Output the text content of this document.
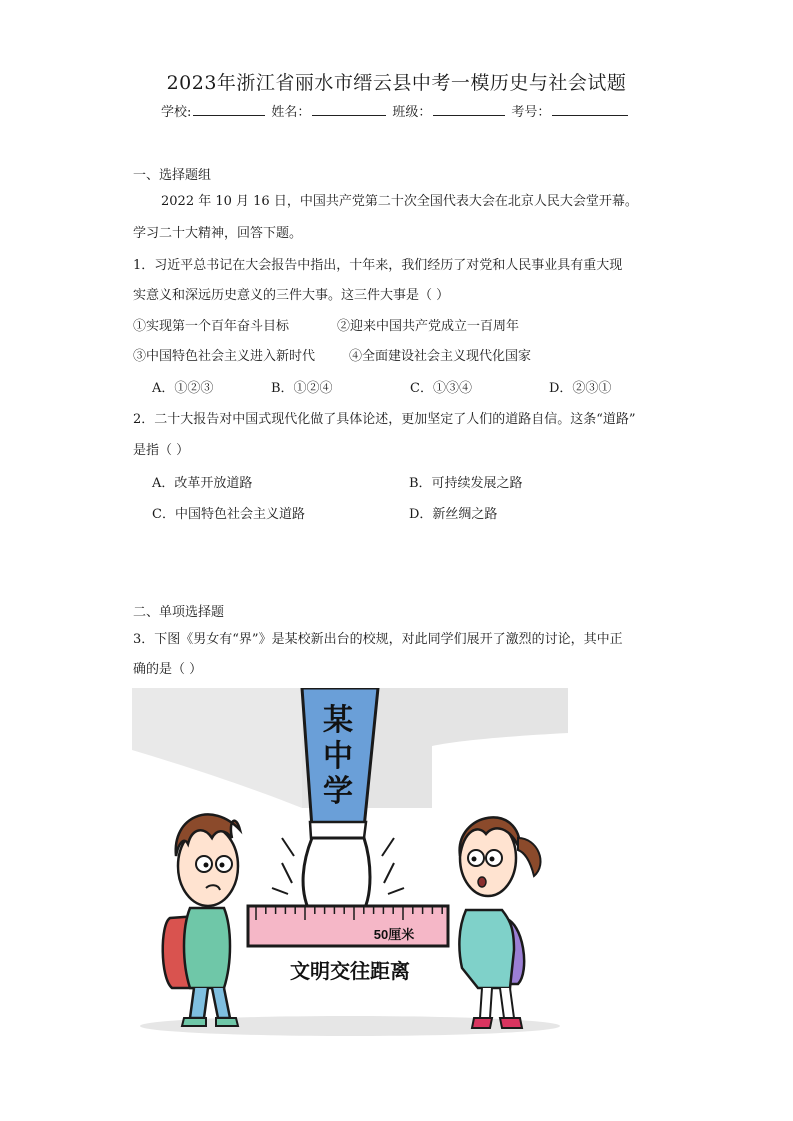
2023年浙江省丽水市缙云县中考一模历史与社会试题
学校:	姓名：	班级：	考号：
一、选择题组
2022 年 10 月 16 日，中国共产党第二十次全国代表大会在北京人民大会堂开幕。
学习二十大精神，回答下题。
1．习近平总书记在大会报告中指出，十年来，我们经历了对党和人民事业具有重大现
实意义和深远历史意义的三件大事。这三件大事是（ ）
①实现第一个百年奋斗目标	②迎来中国共产党成立一百周年
③中国特色社会主义进入新时代	④全面建设社会主义现代化国家
A．①②③	B．①②④	C．①③④	D．②③①
2．二十大报告对中国式现代化做了具体论述，更加坚定了人们的道路自信。这条“道路”
是指（ ）
A．改革开放道路	B．可持续发展之路
C．中国特色社会主义道路	D．新丝绸之路
二、单项选择题
3．下图《男女有“界”》是某校新出台的校规，对此同学们展开了激烈的讨论，其中正
确的是（ ）
某
中
学
50厘米
文明交往距离
